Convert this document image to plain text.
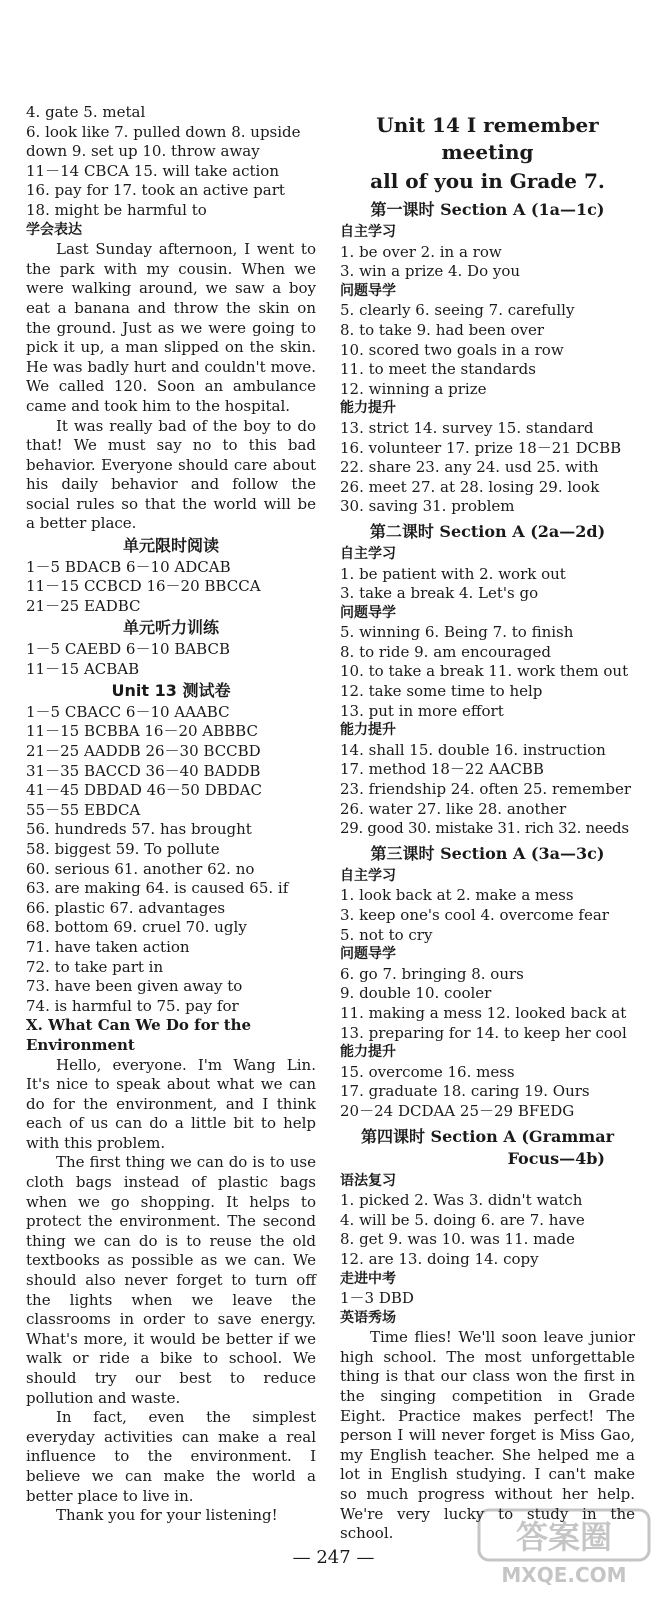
4. gate 5. metal
6. look like 7. pulled down 8. upside
down 9. set up 10. throw away
11－14 CBCA 15. will take action
16. pay for 17. took an active part
18. might be harmful to
学会表达
Last Sunday afternoon, I went to the park with my cousin. When we were walking around, we saw a boy eat a banana and throw the skin on the ground. Just as we were going to pick it up, a man slipped on the skin. He was badly hurt and couldn't move. We called 120. Soon an ambulance came and took him to the hospital.
It was really bad of the boy to do that! We must say no to this bad behavior. Everyone should care about his daily behavior and follow the social rules so that the world will be a better place.
单元限时阅读
1－5 BDACB 6－10 ADCAB
11－15 CCBCD 16－20 BBCCA
21－25 EADBC
单元听力训练
1－5 CAEBD 6－10 BABCB
11－15 ACBAB
Unit 13 测试卷
1－5 CBACC 6－10 AAABC
11－15 BCBBA 16－20 ABBBC
21－25 AADDB 26－30 BCCBD
31－35 BACCD 36－40 BADDB
41－45 DBDAD 46－50 DBDAC
55－55 EBDCA
56. hundreds 57. has brought
58. biggest 59. To pollute
60. serious 61. another 62. no
63. are making 64. is caused 65. if
66. plastic 67. advantages
68. bottom 69. cruel 70. ugly
71. have taken action
72. to take part in
73. have been given away to
74. is harmful to 75. pay for
Ⅹ. What Can We Do for the Environment
Hello, everyone. I'm Wang Lin. It's nice to speak about what we can do for the environment, and I think each of us can do a little bit to help with this problem.
The first thing we can do is to use cloth bags instead of plastic bags when we go shopping. It helps to protect the environment. The second thing we can do is to reuse the old textbooks as possible as we can. We should also never forget to turn off the lights when we leave the classrooms in order to save energy. What's more, it would be better if we walk or ride a bike to school. We should try our best to reduce pollution and waste.
In fact, even the simplest everyday activities can make a real influence to the environment. I believe we can make the world a better place to live in.
Thank you for your listening!
Unit 14 I remember meeting
all of you in Grade 7.
第一课时 Section A (1a—1c)
自主学习
1. be over 2. in a row
3. win a prize 4. Do you
问题导学
5. clearly 6. seeing 7. carefully
8. to take 9. had been over
10. scored two goals in a row
11. to meet the standards
12. winning a prize
能力提升
13. strict 14. survey 15. standard
16. volunteer 17. prize 18－21 DCBB
22. share 23. any 24. usd 25. with
26. meet 27. at 28. losing 29. look
30. saving 31. problem
第二课时 Section A (2a—2d)
自主学习
1. be patient with 2. work out
3. take a break 4. Let's go
问题导学
5. winning 6. Being 7. to finish
8. to ride 9. am encouraged
10. to take a break 11. work them out
12. take some time to help
13. put in more effort
能力提升
14. shall 15. double 16. instruction
17. method 18－22 AACBB
23. friendship 24. often 25. remember
26. water 27. like 28. another
29. good 30. mistake 31. rich 32. needs
第三课时 Section A (3a—3c)
自主学习
1. look back at 2. make a mess
3. keep one's cool 4. overcome fear
5. not to cry
问题导学
6. go 7. bringing 8. ours
9. double 10. cooler
11. making a mess 12. looked back at
13. preparing for 14. to keep her cool
能力提升
15. overcome 16. mess
17. graduate 18. caring 19. Ours
20－24 DCDAA 25－29 BFEDG
第四课时 Section A (Grammar
Focus—4b)
语法复习
1. picked 2. Was 3. didn't watch
4. will be 5. doing 6. are 7. have
8. get 9. was 10. was 11. made
12. are 13. doing 14. copy
走进中考
1－3 DBD
英语秀场
Time flies! We'll soon leave junior high school. The most unforgettable thing is that our class won the first in the singing competition in Grade Eight. Practice makes perfect! The person I will never forget is Miss Gao, my English teacher. She helped me a lot in English studying. I can't make so much progress without her help. We're very lucky to study in the school.
— 247 —
答案圈
MXQE.COM
